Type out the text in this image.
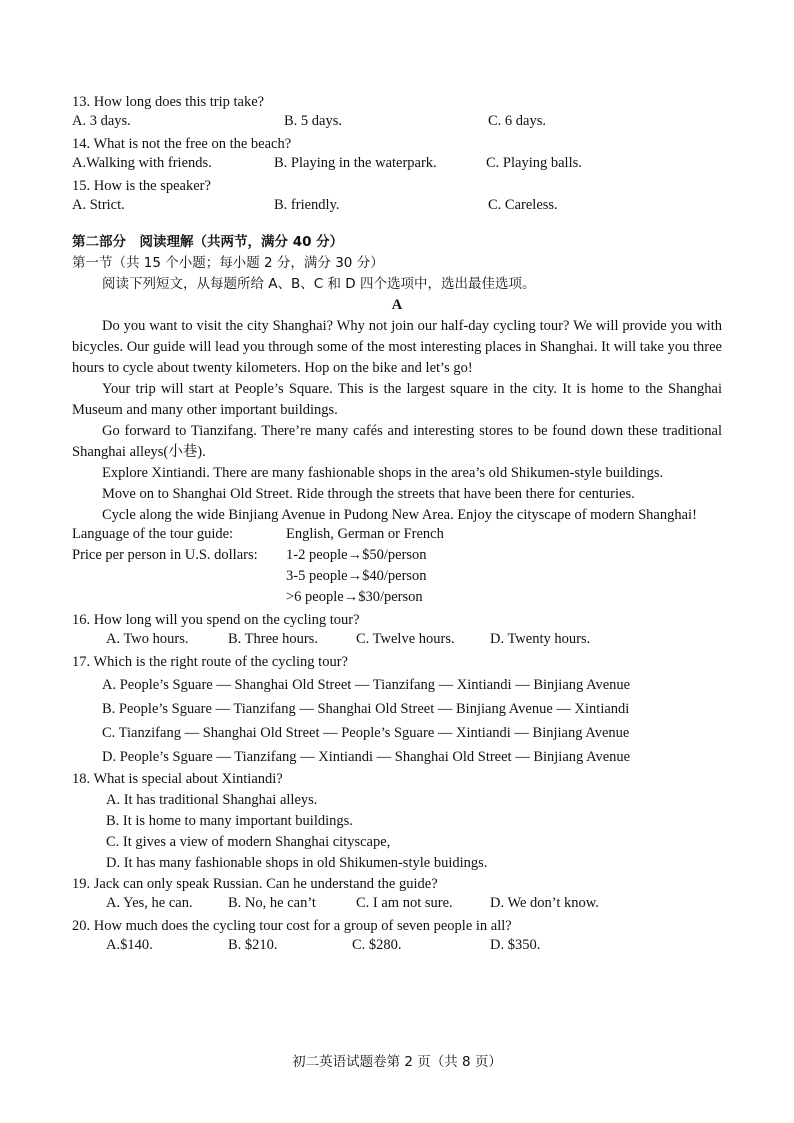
13. How long does this trip take?
A. 3 days.	B. 5 days.	C. 6 days.
14. What is not the free on the beach?
A.Walking with friends.	B. Playing in the waterpark.	C. Playing balls.
15. How is the speaker?
A. Strict.	B. friendly.	C. Careless.
第二部分　阅读理解（共两节，满分 40 分）
第一节（共 15 个小题；每小题 2 分，满分 30 分）
阅读下列短文，从每题所给 A、B、C 和 D 四个选项中，选出最佳选项。
A
Do you want to visit the city Shanghai? Why not join our half-day cycling tour? We will provide you with bicycles. Our guide will lead you through some of the most interesting places in Shanghai. It will take you three hours to cycle about twenty kilometers. Hop on the bike and let’s go!
Your trip will start at People’s Square. This is the largest square in the city. It is home to the Shanghai Museum and many other important buildings.
Go forward to Tianzifang. There’re many cafés and interesting stores to be found down these traditional Shanghai alleys(小巷).
Explore Xintiandi. There are many fashionable shops in the area’s old Shikumen-style buildings.
Move on to Shanghai Old Street. Ride through the streets that have been there for centuries.
Cycle along the wide Binjiang Avenue in Pudong New Area. Enjoy the cityscape of modern Shanghai!
Language of the tour guide:	English, German or French
Price per person in U.S. dollars: 1-2 people→$50/person
3-5 people→$40/person
>6 people→$30/person
16. How long will you spend on the cycling tour?
A. Two hours.	B. Three hours.	C. Twelve hours. D. Twenty hours.
17. Which is the right route of the cycling tour?
A. People’s Sguare — Shanghai Old Street — Tianzifang — Xintiandi — Binjiang Avenue
B. People’s Sguare — Tianzifang — Shanghai Old Street — Binjiang Avenue — Xintiandi
C. Tianzifang — Shanghai Old Street — People’s Sguare — Xintiandi — Binjiang Avenue
D. People’s Sguare — Tianzifang — Xintiandi — Shanghai Old Street — Binjiang Avenue
18. What is special about Xintiandi?
A. It has traditional Shanghai alleys.
B. It is home to many important buildings.
C. It gives a view of modern Shanghai cityscape,
D. It has many fashionable shops in old Shikumen-style buidings.
19. Jack can only speak Russian. Can he understand the guide?
A. Yes, he can. B. No, he can’t	C. I am not sure.	D. We don’t know.
20. How much does the cycling tour cost for a group of seven people in all?
A.$140.	B. $210.	C. $280.	D. $350.
初二英语试题卷第 2 页（共 8 页）
